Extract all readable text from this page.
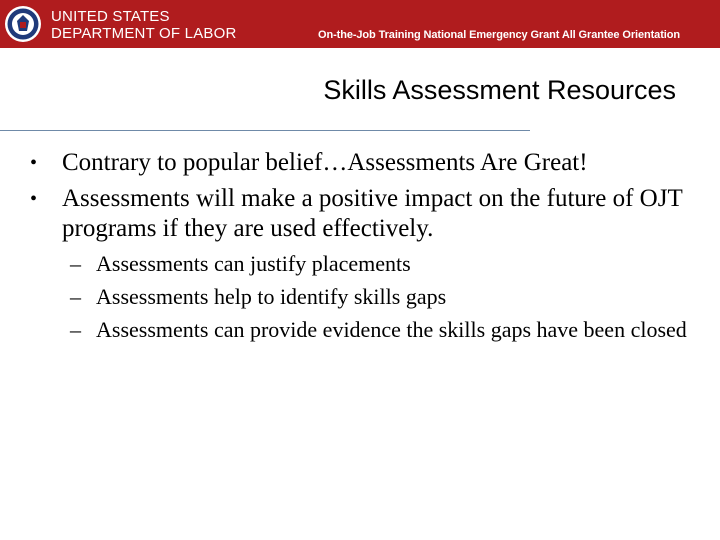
UNITED STATES
DEPARTMENT OF LABOR	On-the-Job Training National Emergency Grant All Grantee Orientation
Skills Assessment Resources
• Contrary to popular belief…Assessments Are Great!
• Assessments will make a positive impact on the future of OJT programs if they are used effectively.
– Assessments can justify placements
– Assessments help to identify skills gaps
– Assessments can provide evidence the skills gaps have been closed
